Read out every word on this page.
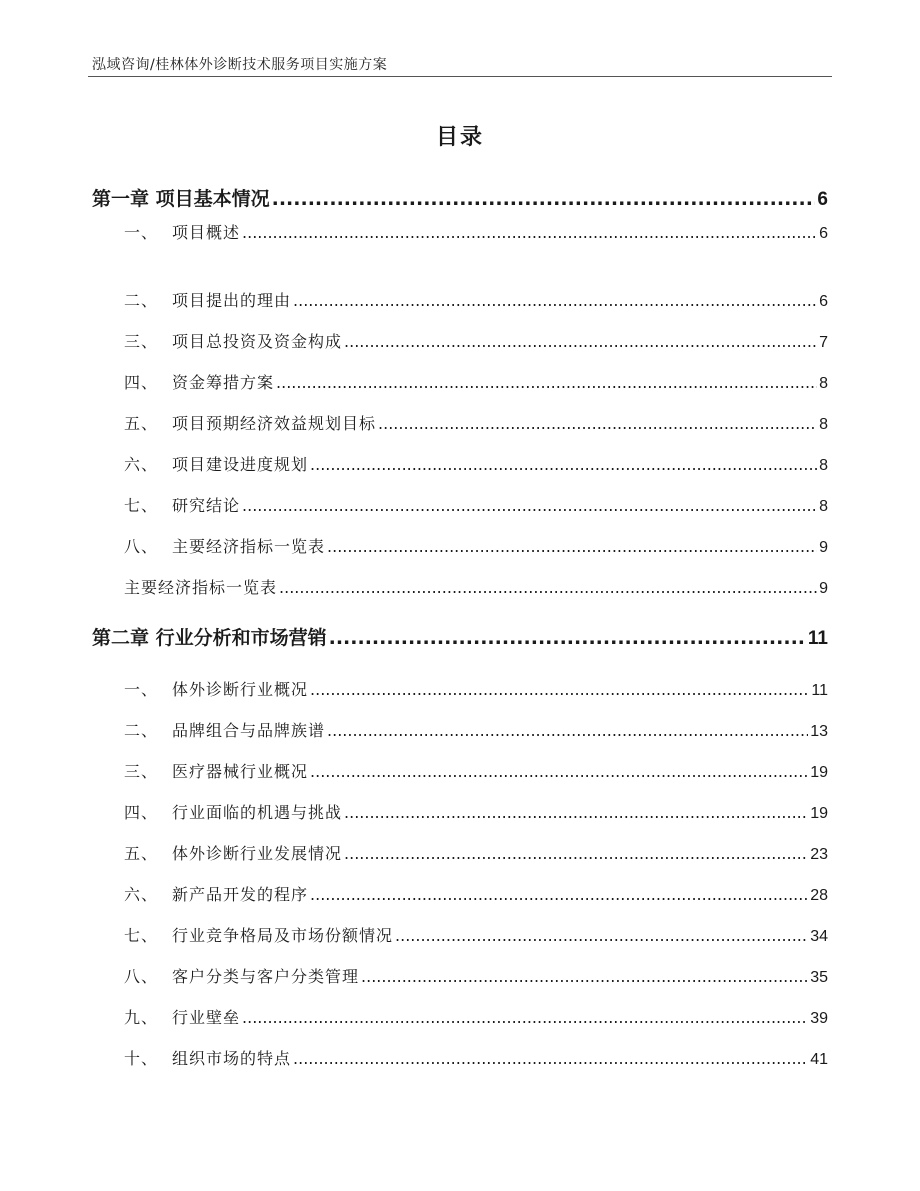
泓域咨询/桂林体外诊断技术服务项目实施方案
目录
第一章 项目基本情况 .....	6
一、 项目概述 .....	6
二、 项目提出的理由 .....	6
三、 项目总投资及资金构成 .....	7
四、 资金筹措方案 .....	8
五、 项目预期经济效益规划目标 .....	8
六、 项目建设进度规划 .....	8
七、 研究结论 .....	8
八、 主要经济指标一览表 .....	9
主要经济指标一览表 .....	9
第二章 行业分析和市场营销 .....	11
一、 体外诊断行业概况 .....	11
二、 品牌组合与品牌族谱 .....	13
三、 医疗器械行业概况 .....	19
四、 行业面临的机遇与挑战 .....	19
五、 体外诊断行业发展情况 .....	23
六、 新产品开发的程序 .....	28
七、 行业竞争格局及市场份额情况 .....	34
八、 客户分类与客户分类管理 .....	35
九、 行业壁垒 .....	39
十、 组织市场的特点 .....	41
